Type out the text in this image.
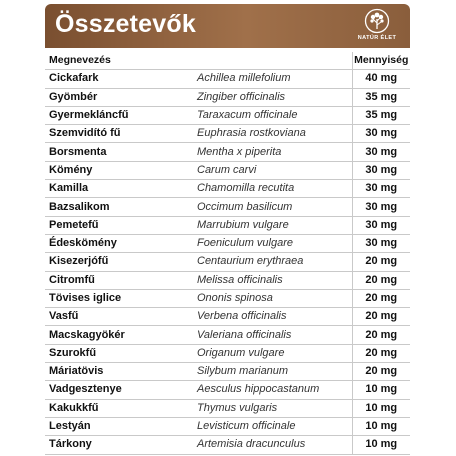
Összetevők	NATÚR ÉLET
Megnevezés		Mennyiség
Cickafark	Achillea millefolium	40 mg
Gyömbér	Zingiber officinalis	35 mg
Gyermekláncfű	Taraxacum officinale	35 mg
Szemvidító fű	Euphrasia rostkoviana	30 mg
Borsmenta	Mentha x piperita	30 mg
Kömény	Carum carvi	30 mg
Kamilla	Chamomilla recutita	30 mg
Bazsalikom	Occimum basilicum	30 mg
Pemetefű	Marrubium vulgare	30 mg
Édeskömény	Foeniculum vulgare	30 mg
Kisezerjófű	Centaurium erythraea	20 mg
Citromfű	Melissa officinalis	20 mg
Tövises iglice	Ononis spinosa	20 mg
Vasfű	Verbena officinalis	20 mg
Macskagyökér	Valeriana officinalis	20 mg
Szurokfű	Origanum vulgare	20 mg
Máriatövis	Silybum marianum	20 mg
Vadgesztenye	Aesculus hippocastanum	10 mg
Kakukkfű	Thymus vulgaris	10 mg
Lestyán	Levisticum officinale	10 mg
Tárkony	Artemisia dracunculus	10 mg
